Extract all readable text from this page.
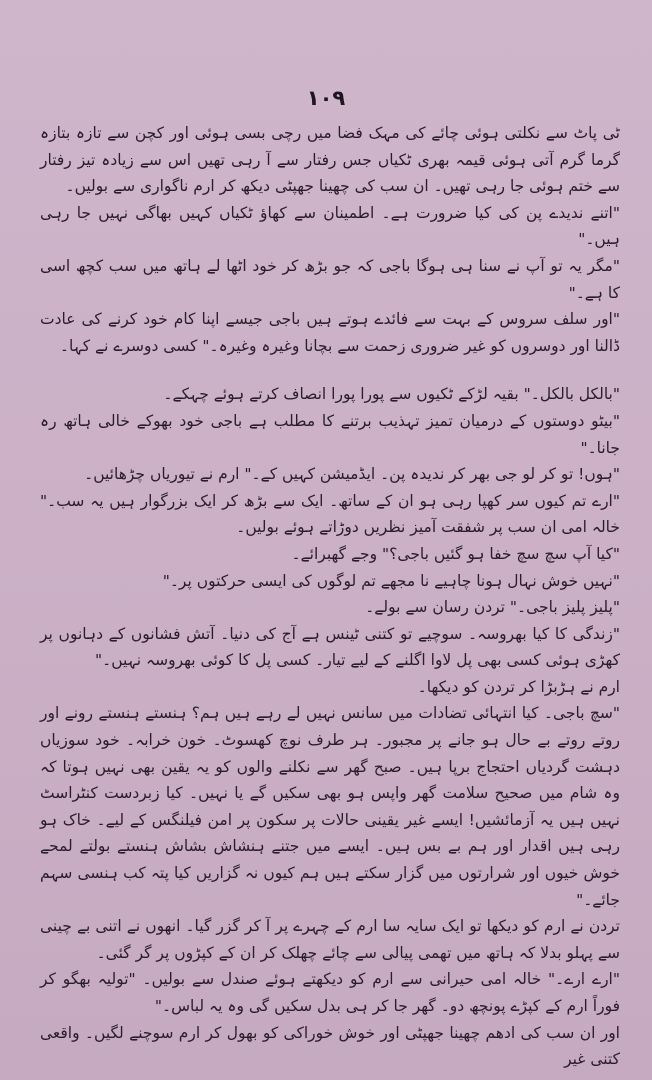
١٠٩

ٹی پاٹ سے نکلتی ہوئی چائے کی مہک فضا میں رچی بسی ہوئی اور کچن سے تازہ بتازہ گرما گرم آتی ہوئی قیمہ بھری ٹکیاں جس رفتار سے آ رہی تھیں اس سے زیادہ تیز رفتار سے ختم ہوئی جا رہی تھیں۔ ان سب کی چھینا جھپٹی دیکھ کر ارم ناگواری سے بولیں۔

"اتنے ندیدے پن کی کیا ضرورت ہے۔ اطمینان سے کھاؤ ٹکیاں کہیں بھاگی نہیں جا رہی ہیں۔"

"مگر یہ تو آپ نے سنا ہی ہوگا باجی کہ جو بڑھ کر خود اٹھا لے ہاتھ میں سب کچھ اسی کا ہے۔"

"اور سلف سروس کے بہت سے فائدے ہوتے ہیں باجی جیسے اپنا کام خود کرنے کی عادت ڈالنا اور دوسروں کو غیر ضروری زحمت سے بچانا وغیرہ وغیرہ۔" کسی دوسرے نے کہا۔

"بالکل بالکل۔" بقیہ لڑکے ٹکیوں سے پورا پورا انصاف کرتے ہوئے چہکے۔

"بیٹو دوستوں کے درمیان تمیز تہذیب برتنے کا مطلب ہے باجی خود بھوکے خالی ہاتھ رہ جانا۔"

"ہوں! تو کر لو جی بھر کر ندیدہ پن۔ ایڈمیشن کہیں کے۔" ارم نے تیوریاں چڑھائیں۔

"ارے تم کیوں سر کھپا رہی ہو ان کے ساتھ۔ ایک سے بڑھ کر ایک بزرگوار ہیں یہ سب۔" خالہ امی ان سب پر شفقت آمیز نظریں دوڑاتے ہوئے بولیں۔

"کیا آپ سچ سچ خفا ہو گئیں باجی؟" وجے گھبرائے۔

"نہیں خوش نہال ہونا چاہیے نا مجھے تم لوگوں کی ایسی حرکتوں پر۔"

"پلیز پلیز باجی۔" تردن رسان سے بولے۔

"زندگی کا کیا بھروسہ۔ سوچیے تو کتنی ٹینس ہے آج کی دنیا۔ آتش فشانوں کے دہانوں پر کھڑی ہوئی کسی بھی پل لاوا اگلنے کے لیے تیار۔ کسی پل کا کوئی بھروسہ نہیں۔"

ارم نے ہڑبڑا کر تردن کو دیکھا۔

"سچ باجی۔ کیا انتہائی تضادات میں سانس نہیں لے رہے ہیں ہم؟ ہنستے ہنستے رونے اور روتے روتے بے حال ہو جانے پر مجبور۔ ہر طرف نوچ کھسوٹ۔ خون خرابہ۔ خود سوزیاں دہشت گردیاں احتجاج برپا ہیں۔ صبح گھر سے نکلنے والوں کو یہ یقین بھی نہیں ہوتا کہ وہ شام میں صحیح سلامت گھر واپس ہو بھی سکیں گے یا نہیں۔ کیا زبردست کنٹراسٹ نہیں ہیں یہ آزمائشیں! ایسے غیر یقینی حالات پر سکون پر امن فیلنگس کے لیے۔ خاک ہو رہی ہیں اقدار اور ہم بے بس ہیں۔ ایسے میں جتنے ہنشاش بشاش ہنستے بولتے لمحے خوش خیوں اور شرارتوں میں گزار سکتے ہیں ہم کیوں نہ گزاریں کیا پتہ کب ہنسی سہم جائے۔"

تردن نے ارم کو دیکھا تو ایک سایہ سا ارم کے چہرے پر آ کر گزر گیا۔ انھوں نے اتنی بے چینی سے پہلو بدلا کہ ہاتھ میں تھمی پیالی سے چائے چھلک کر ان کے کپڑوں پر گر گئی۔

"ارے ارے۔" خالہ امی حیرانی سے ارم کو دیکھتے ہوئے صندل سے بولیں۔ "تولیہ بھگو کر فوراً ارم کے کپڑے پونچھ دو۔ گھر جا کر ہی بدل سکیں گی وہ یہ لباس۔"

اور ان سب کی ادھم چھینا جھپٹی اور خوش خوراکی کو بھول کر ارم سوچنے لگیں۔ واقعی کتنی غیر
